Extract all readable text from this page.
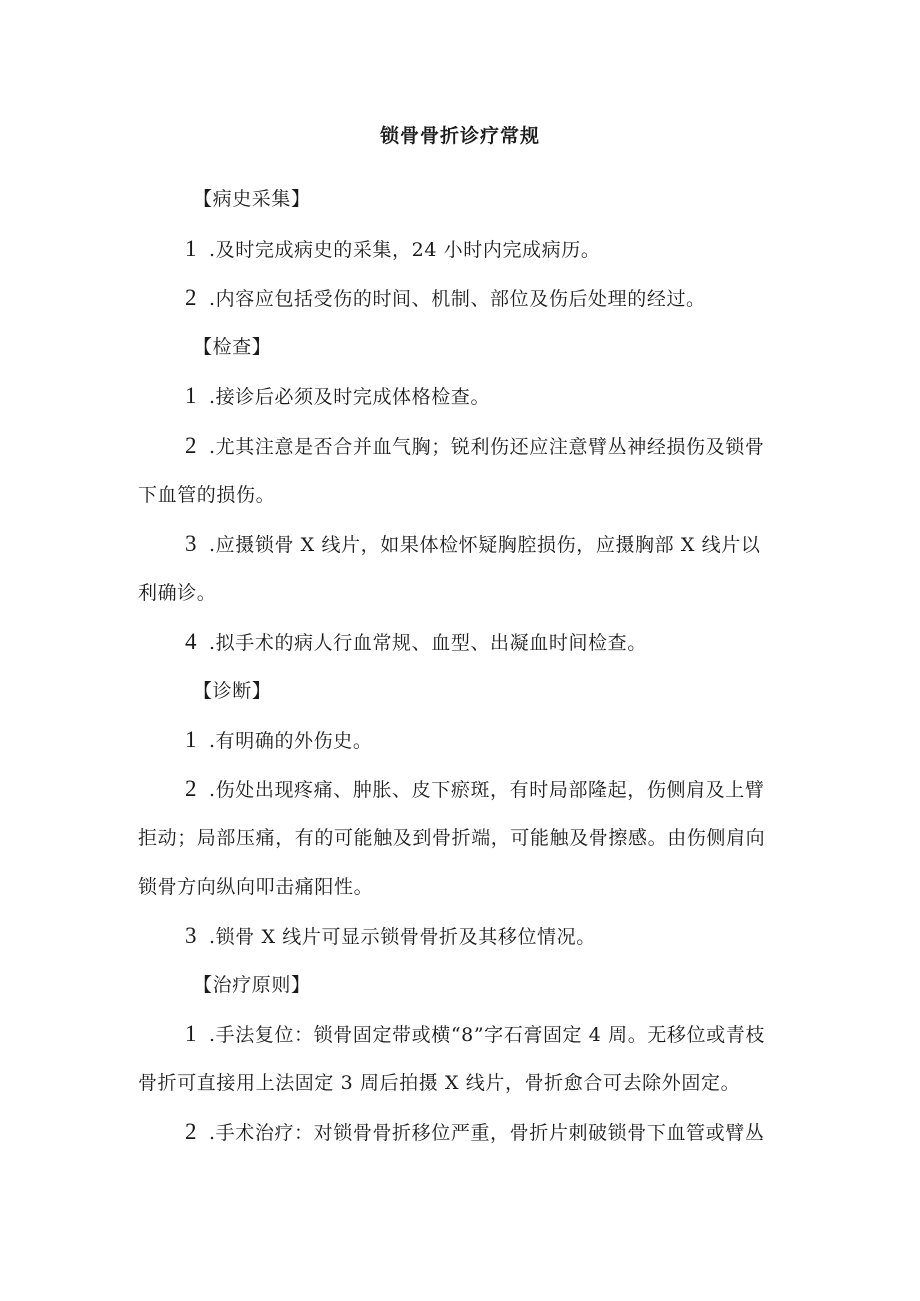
锁骨骨折诊疗常规
【病史采集】
1 .及时完成病史的采集，24 小时内完成病历。
2 .内容应包括受伤的时间、机制、部位及伤后处理的经过。
【检查】
1 .接诊后必须及时完成体格检查。
2 .尤其注意是否合并血气胸；锐利伤还应注意臂丛神经损伤及锁骨
下血管的损伤。
3 .应摄锁骨 X 线片，如果体检怀疑胸腔损伤，应摄胸部 X 线片以
利确诊。
4 .拟手术的病人行血常规、血型、出凝血时间检查。
【诊断】
1 .有明确的外伤史。
2 .伤处出现疼痛、肿胀、皮下瘀斑，有时局部隆起，伤侧肩及上臂
拒动；局部压痛，有的可能触及到骨折端，可能触及骨擦感。由伤侧肩向
锁骨方向纵向叩击痛阳性。
3 .锁骨 X 线片可显示锁骨骨折及其移位情况。
【治疗原则】
1 .手法复位：锁骨固定带或横“8”字石膏固定 4 周。无移位或青枝
骨折可直接用上法固定 3 周后拍摄 X 线片，骨折愈合可去除外固定。
2 .手术治疗：对锁骨骨折移位严重，骨折片刺破锁骨下血管或臂丛
